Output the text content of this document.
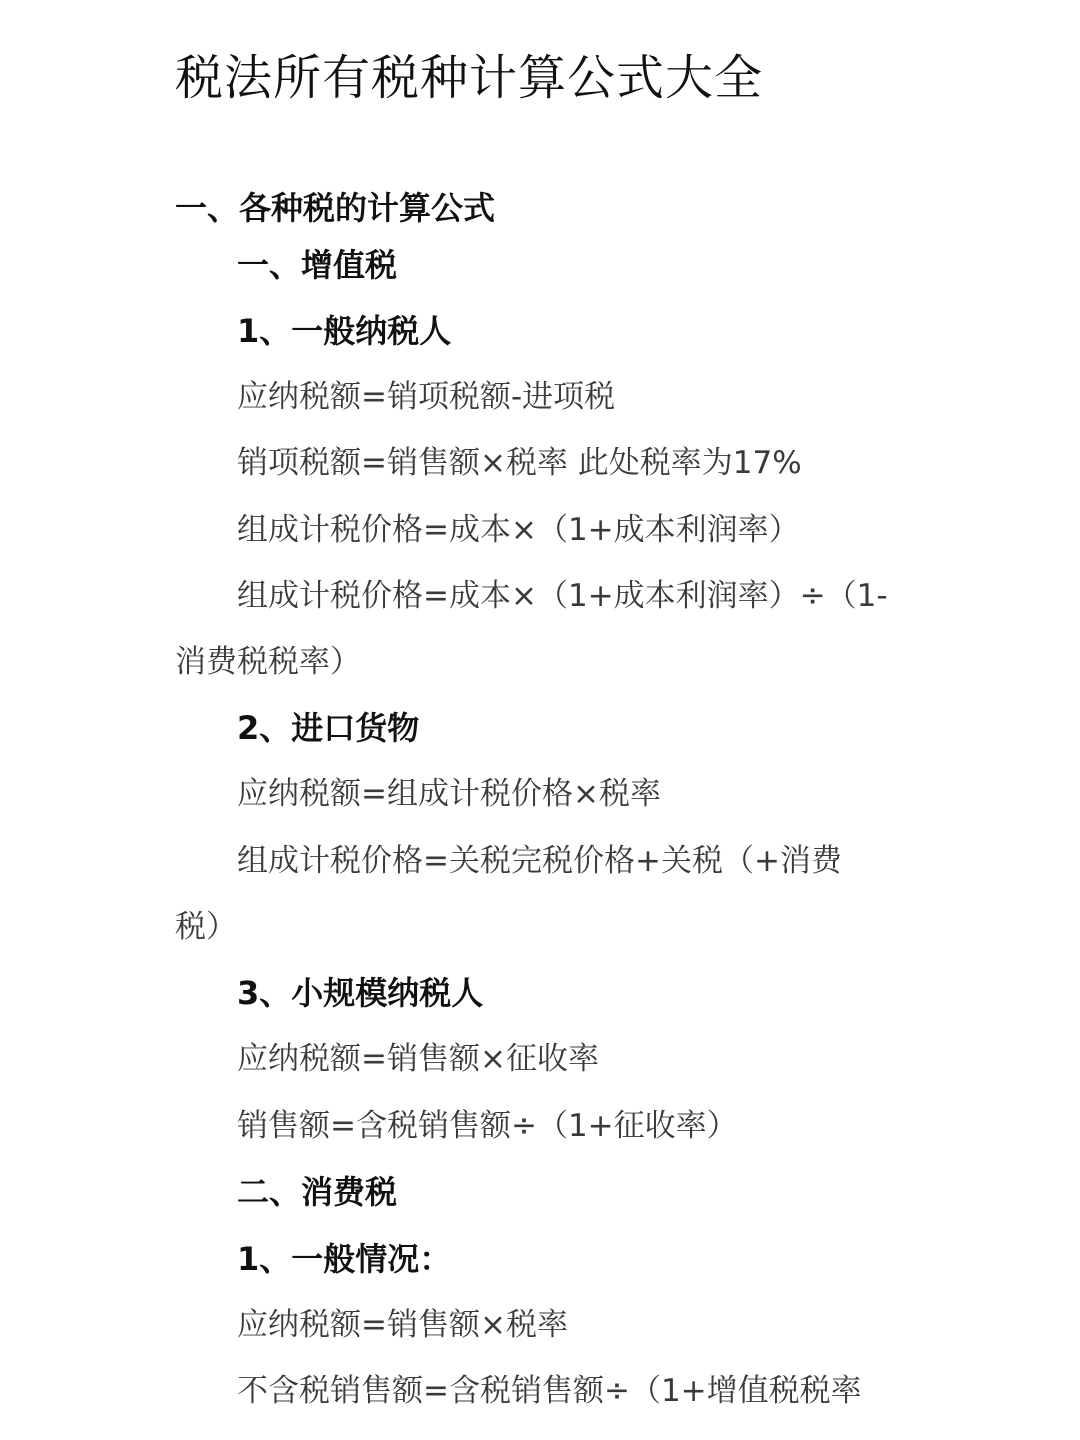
税法所有税种计算公式大全
一、各种税的计算公式
一、增值税
1、一般纳税人
应纳税额=销项税额-进项税
销项税额=销售额×税率 此处税率为17%
组成计税价格=成本×（1+成本利润率）
组成计税价格=成本×（1+成本利润率）÷（1-
消费税税率）
2、进口货物
应纳税额=组成计税价格×税率
组成计税价格=关税完税价格+关税（+消费
税）
3、小规模纳税人
应纳税额=销售额×征收率
销售额=含税销售额÷（1+征收率）
二、消费税
1、一般情况：
应纳税额=销售额×税率
不含税销售额=含税销售额÷（1+增值税税率
